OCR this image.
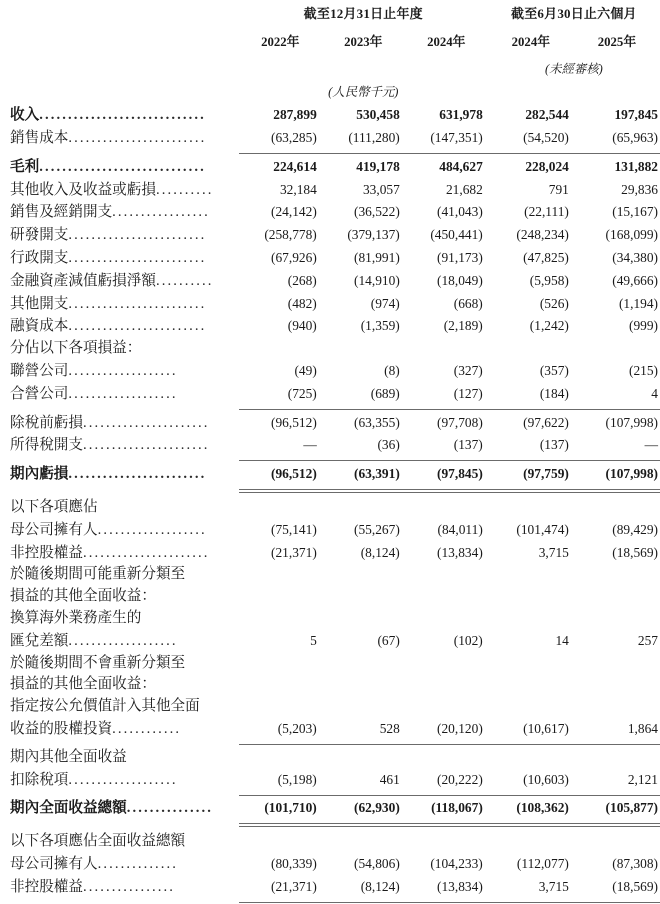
	截至12月31日止年度			截至6月30日止六個月	

	2022年	2023年	2024年	2024年	2025年

				(未經審核)	
	(人民幣千元)				
收入.............................	287,899	530,458	631,978	282,544	197,845
銷售成本........................	(63,285)	(111,280)	(147,351)	(54,520)	(65,963)

毛利.............................	224,614	419,178	484,627	228,024	131,882
其他收入及收益或虧損..........	32,184	33,057	21,682	791	29,836
銷售及經銷開支.................	(24,142)	(36,522)	(41,043)	(22,111)	(15,167)
研發開支........................	(258,778)	(379,137)	(450,441)	(248,234)	(168,099)
行政開支........................	(67,926)	(81,991)	(91,173)	(47,825)	(34,380)
金融資產減值虧損淨額..........	(268)	(14,910)	(18,049)	(5,958)	(49,666)
其他開支........................	(482)	(974)	(668)	(526)	(1,194)
融資成本........................	(940)	(1,359)	(2,189)	(1,242)	(999)
分佔以下各項損益：					
聯營公司...................	(49)	(8)	(327)	(357)	(215)
合營公司...................	(725)	(689)	(127)	(184)	4

除稅前虧損......................	(96,512)	(63,355)	(97,708)	(97,622)	(107,998)
所得稅開支......................	—	(36)	(137)	(137)	—

期內虧損........................	(96,512)	(63,391)	(97,845)	(97,759)	(107,998)

以下各項應佔					
母公司擁有人...................	(75,141)	(55,267)	(84,011)	(101,474)	(89,429)
非控股權益......................	(21,371)	(8,124)	(13,834)	3,715	(18,569)
於隨後期間可能重新分類至					
損益的其他全面收益：					
換算海外業務產生的					
匯兌差額...................	5	(67)	(102)	14	257
於隨後期間不會重新分類至					
損益的其他全面收益：					
指定按公允價值計入其他全面					
收益的股權投資............	(5,203)	528	(20,120)	(10,617)	1,864

期內其他全面收益					
扣除稅項...................	(5,198)	461	(20,222)	(10,603)	2,121

期內全面收益總額...............	(101,710)	(62,930)	(118,067)	(108,362)	(105,877)

以下各項應佔全面收益總額					
母公司擁有人..............	(80,339)	(54,806)	(104,233)	(112,077)	(87,308)
非控股權益................	(21,371)	(8,124)	(13,834)	3,715	(18,569)
